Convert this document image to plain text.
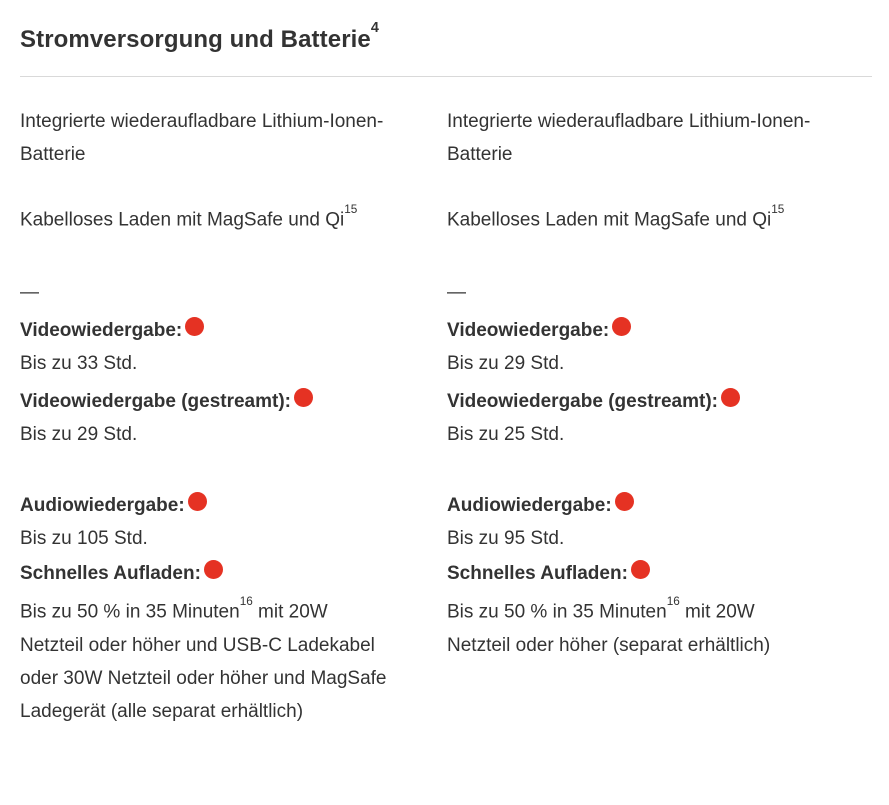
Stromversorgung und Batterie$^4$

Integrierte wiederaufladbare Lithium-Ionen-Batterie

Integrierte wiederaufladbare Lithium-Ionen-Batterie

Kabelloses Laden mit MagSafe und Qi$^{15}$

Kabelloses Laden mit MagSafe und Qi$^{15}$

—	—

Videowiedergabe:

Bis zu 33 Std.

Videowiedergabe:

Bis zu 29 Std.

Videowiedergabe (gestreamt):

Bis zu 29 Std.

Videowiedergabe (gestreamt):

Bis zu 25 Std.

Audiowiedergabe:

Bis zu 105 Std.

Audiowiedergabe:

Bis zu 95 Std.

Schnelles Aufladen:

Bis zu 50 % in 35 Minuten$^{16}$ mit 20W Netzteil oder höher und USB-C Ladekabel oder 30W Netzteil oder höher und MagSafe Ladegerät (alle separat erhältlich)

Schnelles Aufladen:

Bis zu 50 % in 35 Minuten$^{16}$ mit 20W Netzteil oder höher (separat erhältlich)
